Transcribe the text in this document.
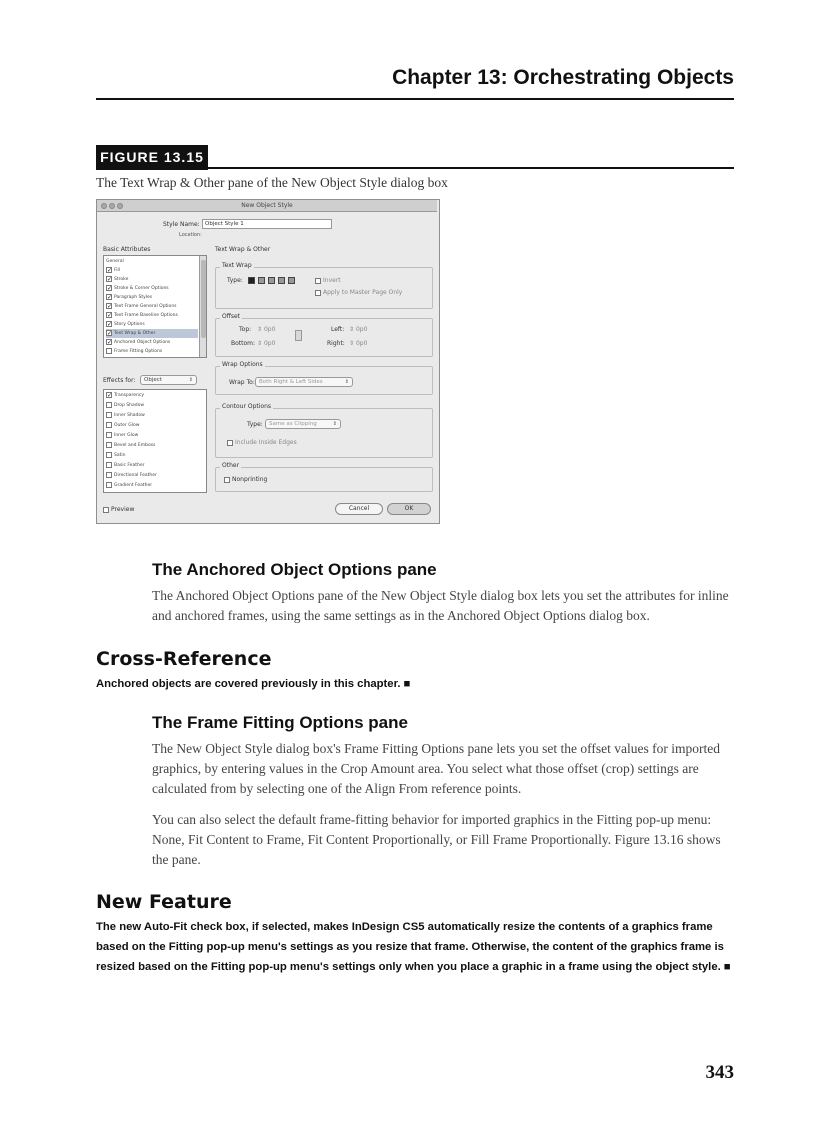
Chapter 13: Orchestrating Objects
FIGURE 13.15
The Text Wrap & Other pane of the New Object Style dialog box
New Object Style
Style Name: Object Style 1
Location:
Basic Attributes
General
✓ Fill
✓ Stroke
✓ Stroke & Corner Options
✓ Paragraph Styles
✓ Text Frame General Options
✓ Text Frame Baseline Options
✓ Story Options
✓ Text Wrap & Other
✓ Anchored Object Options
Frame Fitting Options
Effects for:	Object	⇕
✓ Transparency
Drop Shadow
Inner Shadow
Outer Glow
Inner Glow
Bevel and Emboss
Satin
Basic Feather
Directional Feather
Gradient Feather
Text Wrap & Other
Text Wrap
Type:	Invert
Apply to Master Page Only
Offset
Top: ⇕ 0p0
Bottom: ⇕ 0p0
Left: ⇕ 0p0
Right: ⇕ 0p0
Wrap Options
Wrap To: Both Right & Left Sides	⇕
Contour Options
Type:	Same as Clipping	⇕
Include Inside Edges
Other
Nonprinting
Preview	Cancel	OK
The Anchored Object Options pane
The Anchored Object Options pane of the New Object Style dialog box lets you set the attributes for inline and anchored frames, using the same settings as in the Anchored Object Options dialog box.
Cross-Reference
Anchored objects are covered previously in this chapter. ■
The Frame Fitting Options pane
The New Object Style dialog box's Frame Fitting Options pane lets you set the offset values for imported graphics, by entering values in the Crop Amount area. You select what those offset (crop) settings are calculated from by selecting one of the Align From reference points.
You can also select the default frame-fitting behavior for imported graphics in the Fitting pop-up menu: None, Fit Content to Frame, Fit Content Proportionally, or Fill Frame Proportionally. Figure 13.16 shows the pane.
New Feature
The new Auto-Fit check box, if selected, makes InDesign CS5 automatically resize the contents of a graphics frame based on the Fitting pop-up menu's settings as you resize that frame. Otherwise, the content of the graphics frame is resized based on the Fitting pop-up menu's settings only when you place a graphic in a frame using the object style. ■
343
